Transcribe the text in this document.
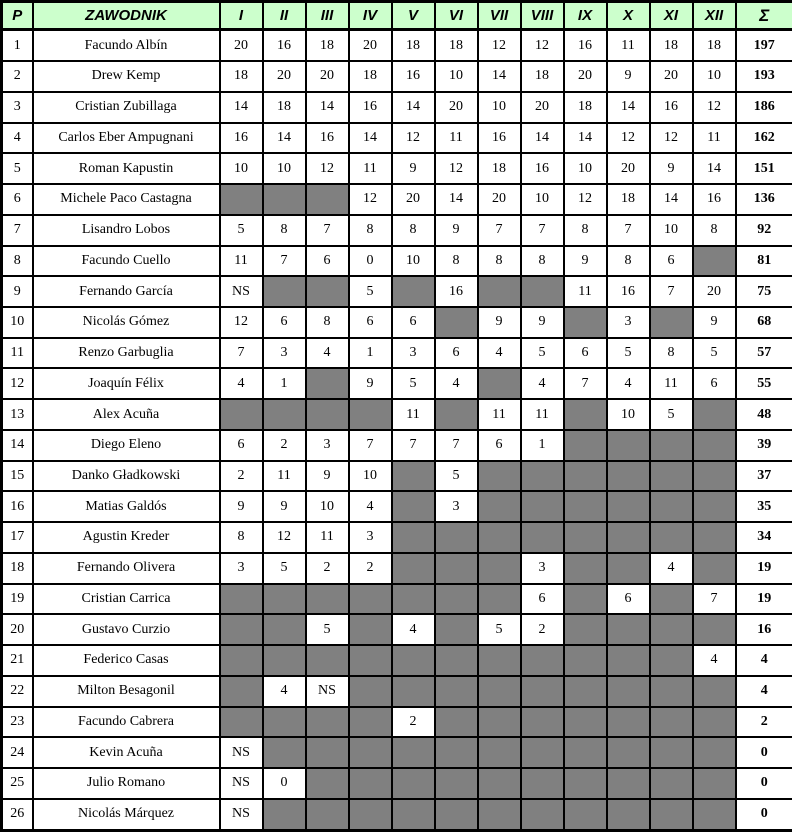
P	ZAWODNIK	I	II	III	IV	V	VI	VII	VIII	IX	X	XI	XII	Σ
1	Facundo Albín	20	16	18	20	18	18	12	12	16	11	18	18	197
2	Drew Kemp	18	20	20	18	16	10	14	18	20	9	20	10	193
3	Cristian Zubillaga	14	18	14	16	14	20	10	20	18	14	16	12	186
4	Carlos Eber Ampugnani	16	14	16	14	12	11	16	14	14	12	12	11	162
5	Roman Kapustin	10	10	12	11	9	12	18	16	10	20	9	14	151
6	Michele Paco Castagna				12	20	14	20	10	12	18	14	16	136
7	Lisandro Lobos	5	8	7	8	8	9	7	7	8	7	10	8	92
8	Facundo Cuello	11	7	6	0	10	8	8	8	9	8	6		81
9	Fernando García	NS			5		16			11	16	7	20	75
10	Nicolás Gómez	12	6	8	6	6		9	9		3		9	68
11	Renzo Garbuglia	7	3	4	1	3	6	4	5	6	5	8	5	57
12	Joaquín Félix	4	1		9	5	4		4	7	4	11	6	55
13	Alex Acuña					11		11	11		10	5		48
14	Diego Eleno	6	2	3	7	7	7	6	1					39
15	Danko Gładkowski	2	11	9	10		5							37
16	Matias Galdós	9	9	10	4		3							35
17	Agustin Kreder	8	12	11	3									34
18	Fernando Olivera	3	5	2	2				3			4		19
19	Cristian Carrica								6		6		7	19
20	Gustavo Curzio			5		4		5	2					16
21	Federico Casas												4	4
22	Milton Besagonil		4	NS										4
23	Facundo Cabrera					2								2
24	Kevin Acuña	NS												0
25	Julio Romano	NS	0											0
26	Nicolás Márquez	NS												0
